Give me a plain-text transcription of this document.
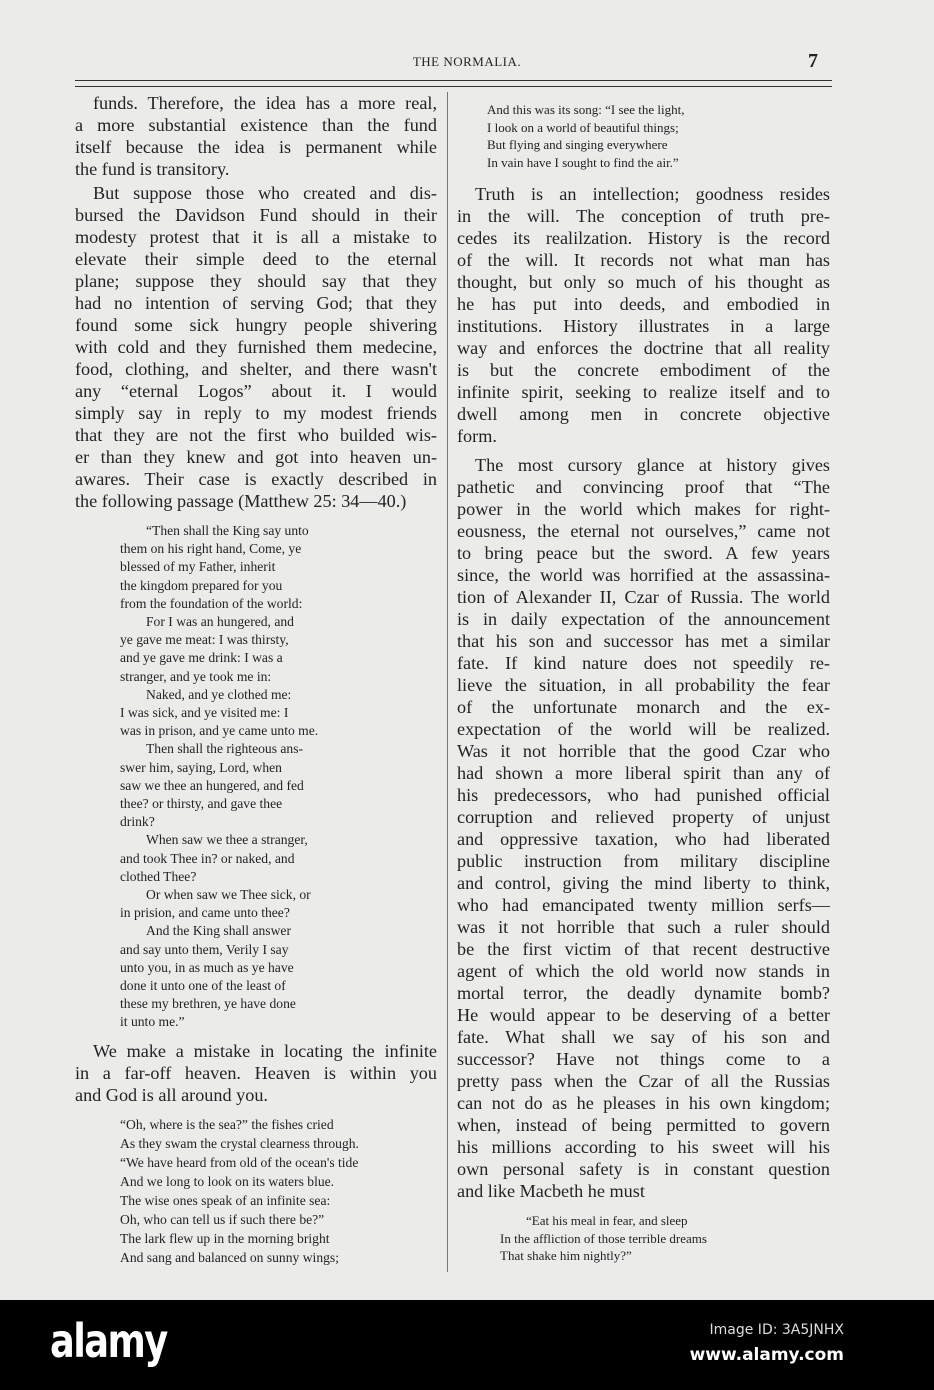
THE NORMALIA.	7
funds. Therefore, the idea has a more real,
a more substantial existence than the fund
itself because the idea is permanent while
the fund is transitory.
But suppose those who created and dis-
bursed the Davidson Fund should in their
modesty protest that it is all a mistake to
elevate their simple deed to the eternal
plane; suppose they should say that they
had no intention of serving God; that they
found some sick hungry people shivering
with cold and they furnished them medecine,
food, clothing, and shelter, and there wasn't
any “eternal Logos” about it. I would
simply say in reply to my modest friends
that they are not the first who builded wis-
er than they knew and got into heaven un-
awares. Their case is exactly described in
the following passage (Matthew 25: 34—40.)
“Then shall the King say unto
them on his right hand, Come, ye
blessed of my Father, inherit
the kingdom prepared for you
from the foundation of the world:
For I was an hungered, and
ye gave me meat: I was thirsty,
and ye gave me drink: I was a
stranger, and ye took me in:
Naked, and ye clothed me:
I was sick, and ye visited me: I
was in prison, and ye came unto me.
Then shall the righteous ans-
swer him, saying, Lord, when
saw we thee an hungered, and fed
thee? or thirsty, and gave thee
drink?
When saw we thee a stranger,
and took Thee in? or naked, and
clothed Thee?
Or when saw we Thee sick, or
in prision, and came unto thee?
And the King shall answer
and say unto them, Verily I say
unto you, in as much as ye have
done it unto one of the least of
these my brethren, ye have done
it unto me.”
We make a mistake in locating the infinite
in a far-off heaven. Heaven is within you
and God is all around you.
“Oh, where is the sea?” the fishes cried
As they swam the crystal clearness through.
“We have heard from old of the ocean's tide
And we long to look on its waters blue.
The wise ones speak of an infinite sea:
Oh, who can tell us if such there be?”
The lark flew up in the morning bright
And sang and balanced on sunny wings;
And this was its song: “I see the light,
I look on a world of beautiful things;
But flying and singing everywhere
In vain have I sought to find the air.”
Truth is an intellection; goodness resides
in the will. The conception of truth pre-
cedes its realilzation. History is the record
of the will. It records not what man has
thought, but only so much of his thought as
he has put into deeds, and embodied in
institutions. History illustrates in a large
way and enforces the doctrine that all reality
is but the concrete embodiment of the
infinite spirit, seeking to realize itself and to
dwell among men in concrete objective
form.
The most cursory glance at history gives
pathetic and convincing proof that “The
power in the world which makes for right-
eousness, the eternal not ourselves,” came not
to bring peace but the sword. A few years
since, the world was horrified at the assassina-
tion of Alexander II, Czar of Russia. The world
is in daily expectation of the announcement
that his son and successor has met a similar
fate. If kind nature does not speedily re-
lieve the situation, in all probability the fear
of the unfortunate monarch and the ex-
expectation of the world will be realized.
Was it not horrible that the good Czar who
had shown a more liberal spirit than any of
his predecessors, who had punished official
corruption and relieved property of unjust
and oppressive taxation, who had liberated
public instruction from military discipline
and control, giving the mind liberty to think,
who had emancipated twenty million serfs—
was it not horrible that such a ruler should
be the first victim of that recent destructive
agent of which the old world now stands in
mortal terror, the deadly dynamite bomb?
He would appear to be deserving of a better
fate. What shall we say of his son and
successor? Have not things come to a
pretty pass when the Czar of all the Russias
can not do as he pleases in his own kingdom;
when, instead of being permitted to govern
his millions according to his sweet will his
own personal safety is in constant question
and like Macbeth he must
“Eat his meal in fear, and sleep
In the affliction of those terrible dreams
That shake him nightly?”
alamy	Image ID: 3A5JNHX
www.alamy.com
